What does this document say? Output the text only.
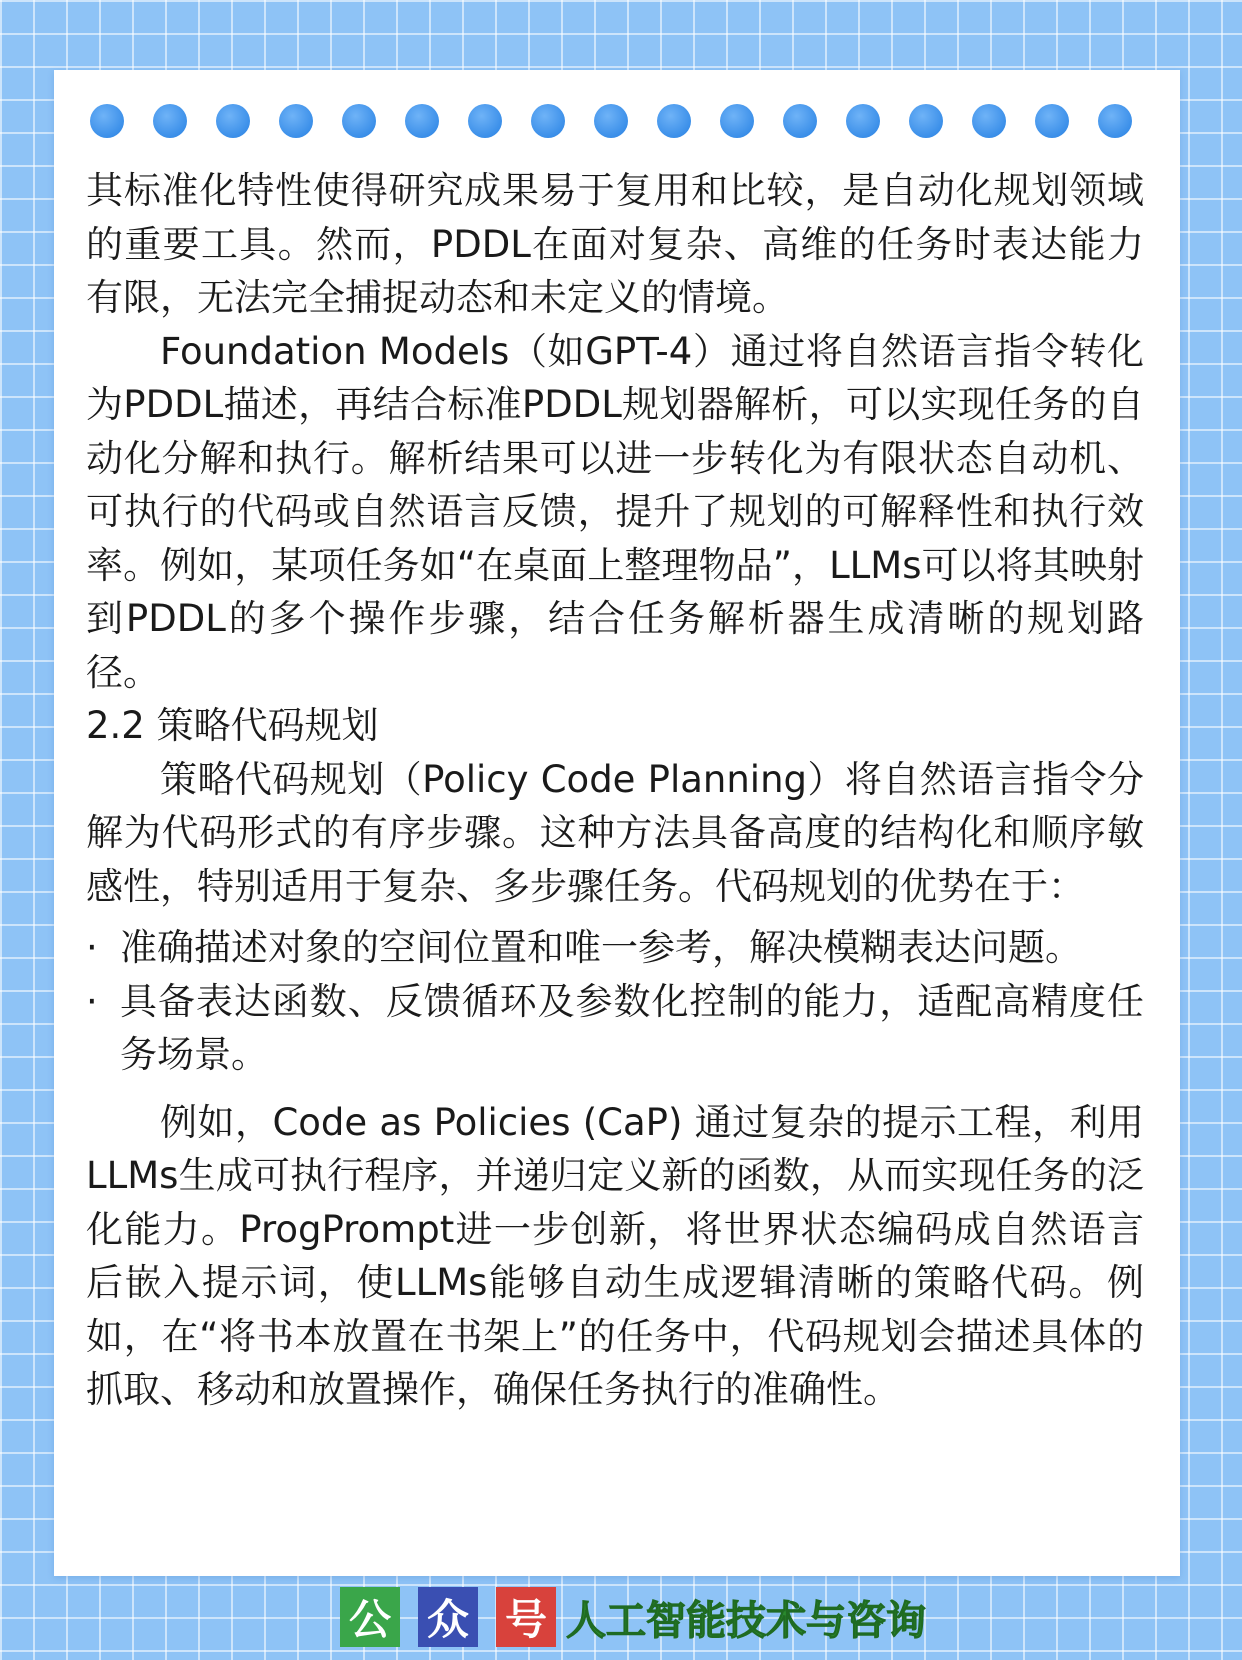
其标准化特性使得研究成果易于复用和比较，是自动化规划领域的重要工具。然而，PDDL在面对复杂、高维的任务时表达能力有限，无法完全捕捉动态和未定义的情境。

Foundation Models（如GPT-4）通过将自然语言指令转化为PDDL描述，再结合标准PDDL规划器解析，可以实现任务的自动化分解和执行。解析结果可以进一步转化为有限状态自动机、可执行的代码或自然语言反馈，提升了规划的可解释性和执行效率。例如，某项任务如“在桌面上整理物品”，LLMs可以将其映射到PDDL的多个操作步骤，结合任务解析器生成清晰的规划路径。

2.2 策略代码规划

策略代码规划（Policy Code Planning）将自然语言指令分解为代码形式的有序步骤。这种方法具备高度的结构化和顺序敏感性，特别适用于复杂、多步骤任务。代码规划的优势在于：

· 准确描述对象的空间位置和唯一参考，解决模糊表达问题。
· 具备表达函数、反馈循环及参数化控制的能力，适配高精度任务场景。

例如，Code as Policies (CaP) 通过复杂的提示工程，利用LLMs生成可执行程序，并递归定义新的函数，从而实现任务的泛化能力。ProgPrompt进一步创新，将世界状态编码成自然语言后嵌入提示词，使LLMs能够自动生成逻辑清晰的策略代码。例如，在“将书本放置在书架上”的任务中，代码规划会描述具体的抓取、移动和放置操作，确保任务执行的准确性。

公 众 号 人工智能技术与咨询
